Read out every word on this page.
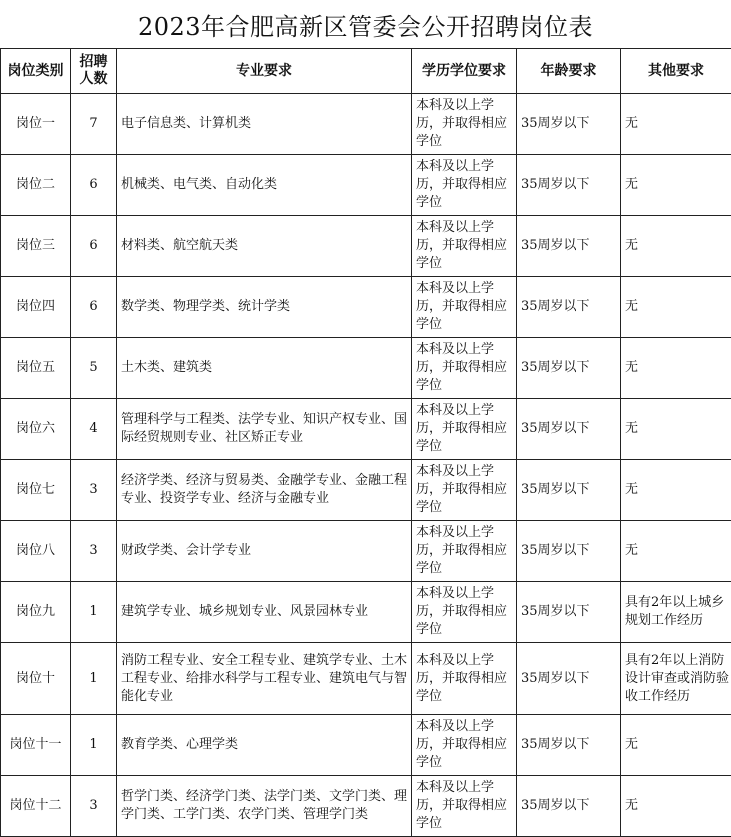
2023年合肥高新区管委会公开招聘岗位表
岗位类别	招聘人数	专业要求	学历学位要求	年龄要求	其他要求
岗位一	7	电子信息类、计算机类	本科及以上学历，并取得相应学位	35周岁以下	无
岗位二	6	机械类、电气类、自动化类	本科及以上学历，并取得相应学位	35周岁以下	无
岗位三	6	材料类、航空航天类	本科及以上学历，并取得相应学位	35周岁以下	无
岗位四	6	数学类、物理学类、统计学类	本科及以上学历，并取得相应学位	35周岁以下	无
岗位五	5	土木类、建筑类	本科及以上学历，并取得相应学位	35周岁以下	无
岗位六	4	管理科学与工程类、法学专业、知识产权专业、国际经贸规则专业、社区矫正专业	本科及以上学历，并取得相应学位	35周岁以下	无
岗位七	3	经济学类、经济与贸易类、金融学专业、金融工程专业、投资学专业、经济与金融专业	本科及以上学历，并取得相应学位	35周岁以下	无
岗位八	3	财政学类、会计学专业	本科及以上学历，并取得相应学位	35周岁以下	无
岗位九	1	建筑学专业、城乡规划专业、风景园林专业	本科及以上学历，并取得相应学位	35周岁以下	具有2年以上城乡规划工作经历
岗位十	1	消防工程专业、安全工程专业、建筑学专业、土木工程专业、给排水科学与工程专业、建筑电气与智能化专业	本科及以上学历，并取得相应学位	35周岁以下	具有2年以上消防设计审查或消防验收工作经历
岗位十一	1	教育学类、心理学类	本科及以上学历，并取得相应学位	35周岁以下	无
岗位十二	3	哲学门类、经济学门类、法学门类、文学门类、理学门类、工学门类、农学门类、管理学门类	本科及以上学历，并取得相应学位	35周岁以下	无
